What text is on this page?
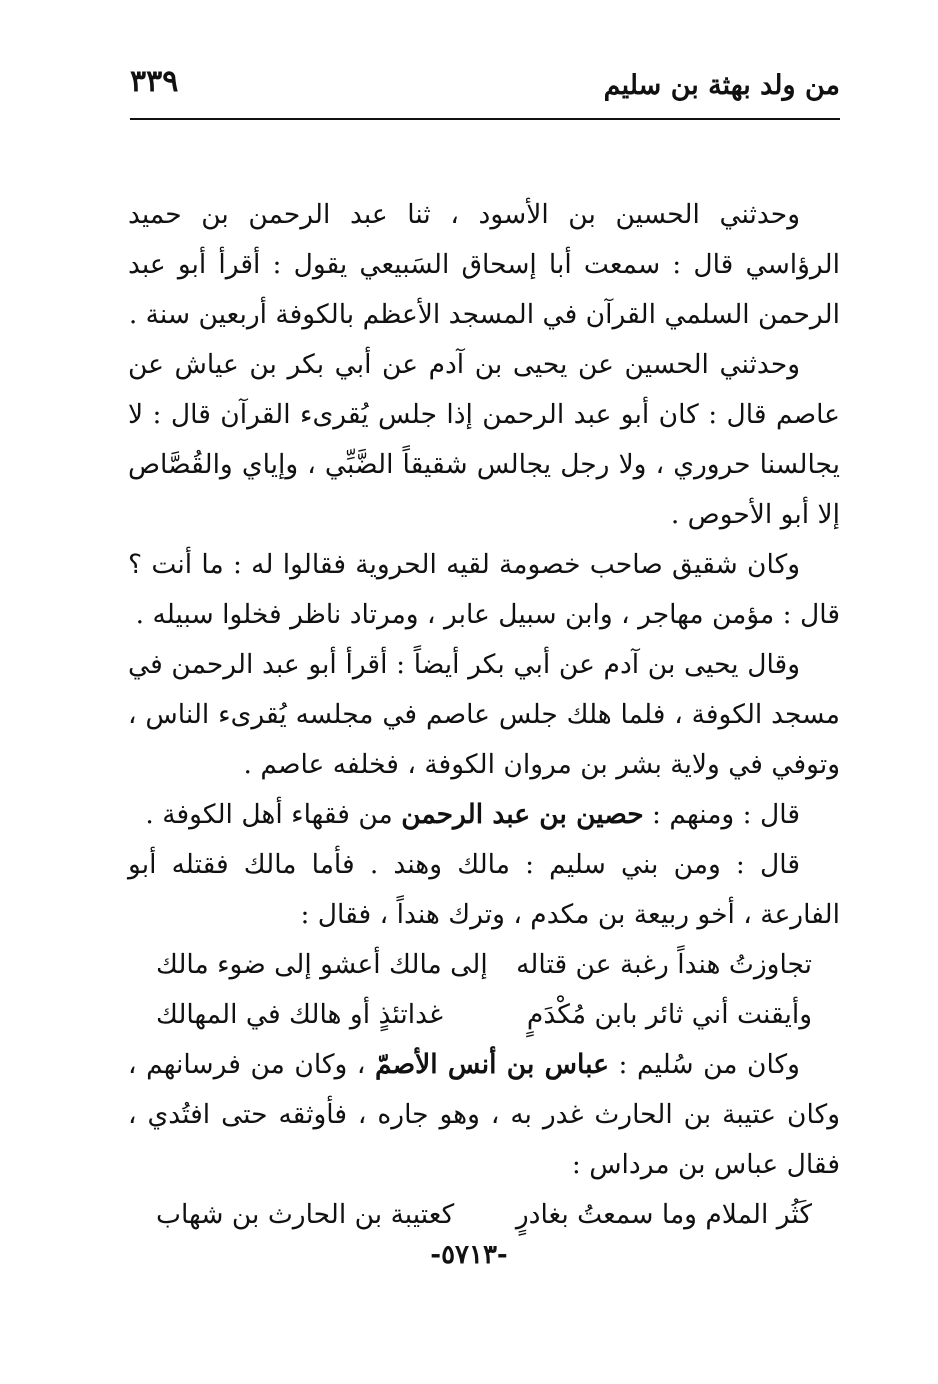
من ولد بهثة بن سليم
٣٣٩

وحدثني الحسين بن الأسود ، ثنا عبد الرحمن بن حميد الرؤاسي قال : سمعت أبا إسحاق السَبيعي يقول : أقرأ أبو عبد الرحمن السلمي القرآن في المسجد الأعظم بالكوفة أربعين سنة .

وحدثني الحسين عن يحيى بن آدم عن أبي بكر بن عياش عن عاصم قال : كان أبو عبد الرحمن إذا جلس يُقرىء القرآن قال : لا يجالسنا حروري ، ولا رجل يجالس شقيقاً الضَّبِّي ، وإياي والقُصَّاص إلا أبو الأحوص .

وكان شقيق صاحب خصومة لقيه الحروية فقالوا له : ما أنت ؟ قال : مؤمن مهاجر ، وابن سبيل عابر ، ومرتاد ناظر فخلوا سبيله .

وقال يحيى بن آدم عن أبي بكر أيضاً : أقرأ أبو عبد الرحمن في مسجد الكوفة ، فلما هلك جلس عاصم في مجلسه يُقرىء الناس ، وتوفي في ولاية بشر بن مروان الكوفة ، فخلفه عاصم .

قال : ومنهم : حصين بن عبد الرحمن من فقهاء أهل الكوفة .

قال : ومن بني سليم : مالك وهند . فأما مالك فقتله أبو الفارعة ، أخو ربيعة بن مكدم ، وترك هنداً ، فقال :

تجاوزتُ هنداً رغبة عن قتاله
إلى مالك أعشو إلى ضوء مالك
وأيقنت أني ثائر بابن مُكْدَمٍ
غداتئذٍ أو هالك في المهالك

وكان من سُليم : عباس بن أنس الأصمّ ، وكان من فرسانهم ، وكان عتيبة بن الحارث غدر به ، وهو جاره ، فأوثقه حتى افتُدي ، فقال عباس بن مرداس :

كَثُر الملام وما سمعتُ بغادرٍ
كعتيبة بن الحارث بن شهاب
-٥٧١٣-
